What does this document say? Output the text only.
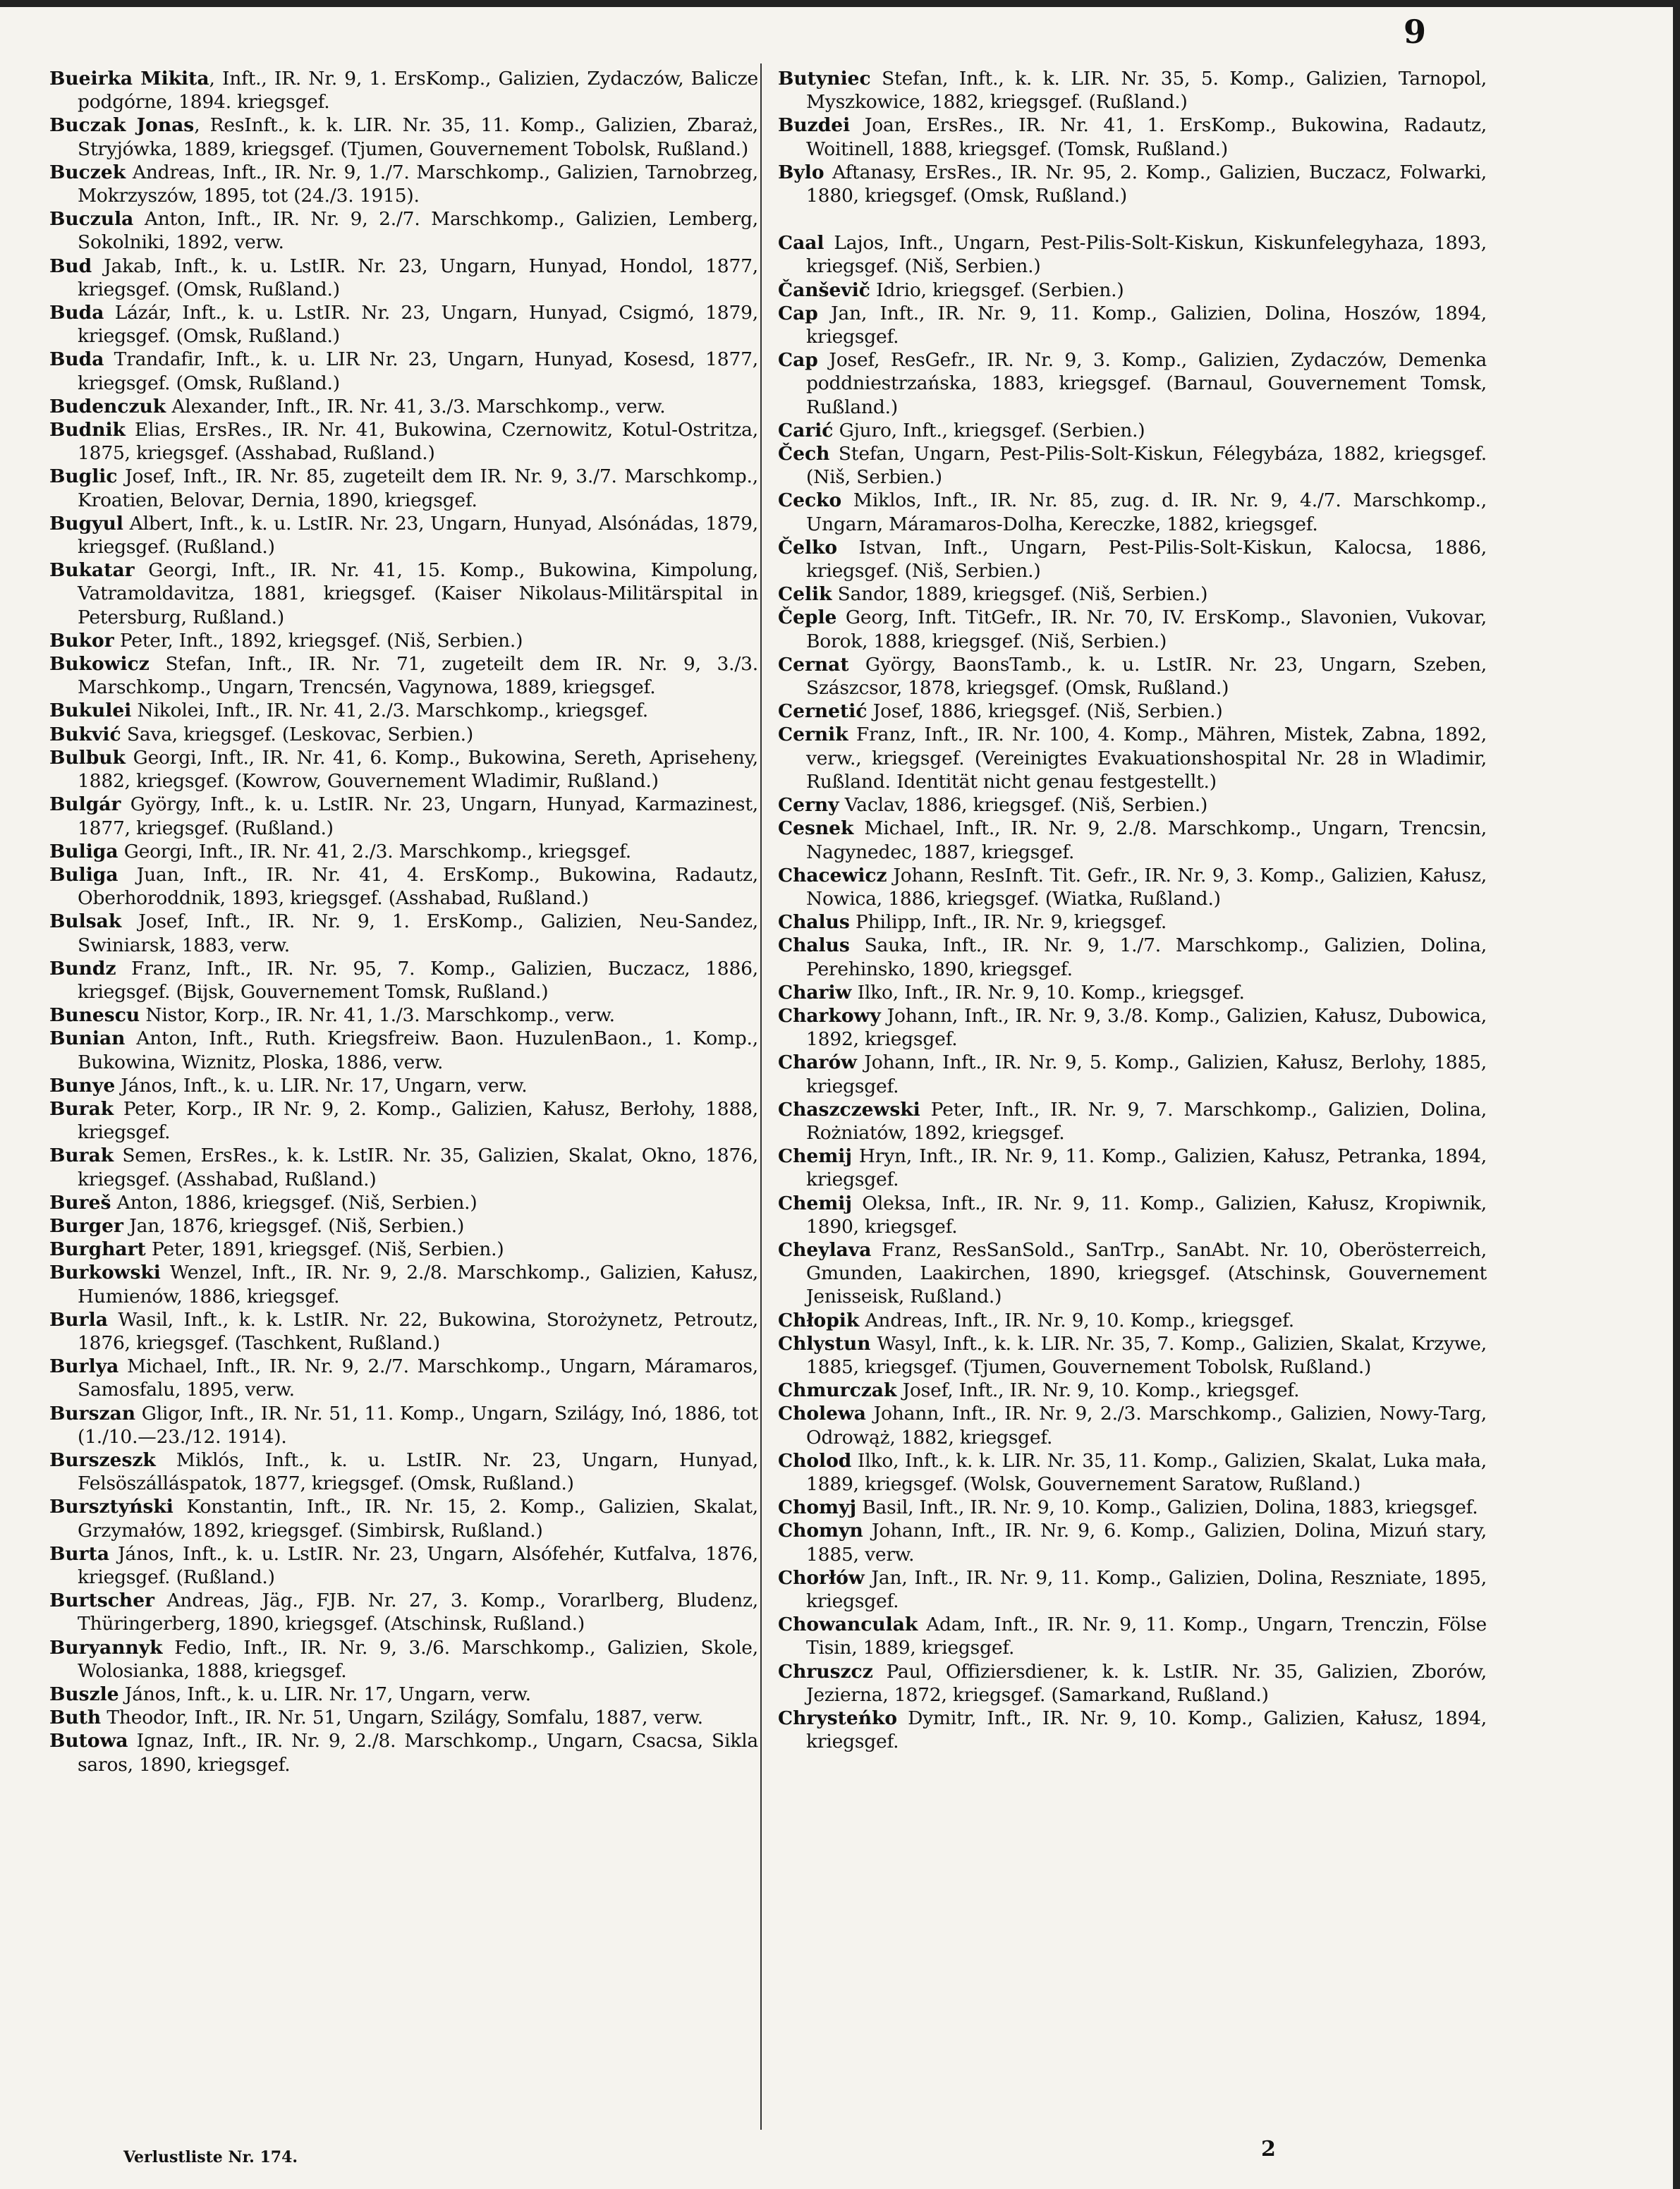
9

Bueirka Mikita, Inft., IR. Nr. 9, 1. ErsKomp., Galizien, Zydaczów, Balicze podgórne, 1894. kriegsgef.

Buczak Jonas, ResInft., k. k. LIR. Nr. 35, 11. Komp., Galizien, Zbaraż, Stryjówka, 1889, kriegsgef. (Tjumen, Gouvernement Tobolsk, Rußland.)

Buczek Andreas, Inft., IR. Nr. 9, 1./7. Marschkomp., Galizien, Tarnobrzeg, Mokrzyszów, 1895, tot (24./3. 1915).

Buczula Anton, Inft., IR. Nr. 9, 2./7. Marschkomp., Galizien, Lemberg, Sokolniki, 1892, verw.

Bud Jakab, Inft., k. u. LstIR. Nr. 23, Ungarn, Hunyad, Hondol, 1877, kriegsgef. (Omsk, Rußland.)

Buda Lázár, Inft., k. u. LstIR. Nr. 23, Ungarn, Hunyad, Csigmó, 1879, kriegsgef. (Omsk, Rußland.)

Buda Trandafir, Inft., k. u. LIR Nr. 23, Ungarn, Hunyad, Kosesd, 1877, kriegsgef. (Omsk, Rußland.)

Budenczuk Alexander, Inft., IR. Nr. 41, 3./3. Marschkomp., verw.

Budnik Elias, ErsRes., IR. Nr. 41, Bukowina, Czernowitz, Kotul-Ostritza, 1875, kriegsgef. (Asshabad, Rußland.)

Buglic Josef, Inft., IR. Nr. 85, zugeteilt dem IR. Nr. 9, 3./7. Marschkomp., Kroatien, Belovar, Dernia, 1890, kriegsgef.

Bugyul Albert, Inft., k. u. LstIR. Nr. 23, Ungarn, Hunyad, Alsónádas, 1879, kriegsgef. (Rußland.)

Bukatar Georgi, Inft., IR. Nr. 41, 15. Komp., Bukowina, Kimpolung, Vatramoldavitza, 1881, kriegsgef. (Kaiser Nikolaus-Militärspital in Petersburg, Rußland.)

Bukor Peter, Inft., 1892, kriegsgef. (Niš, Serbien.)

Bukowicz Stefan, Inft., IR. Nr. 71, zugeteilt dem IR. Nr. 9, 3./3. Marschkomp., Ungarn, Trencsén, Vagynowa, 1889, kriegsgef.

Bukulei Nikolei, Inft., IR. Nr. 41, 2./3. Marschkomp., kriegsgef.

Bukvić Sava, kriegsgef. (Leskovac, Serbien.)

Bulbuk Georgi, Inft., IR. Nr. 41, 6. Komp., Bukowina, Sereth, Apriseheny, 1882, kriegsgef. (Kowrow, Gouvernement Wladimir, Rußland.)

Bulgár György, Inft., k. u. LstIR. Nr. 23, Ungarn, Hunyad, Karmazinest, 1877, kriegsgef. (Rußland.)

Buliga Georgi, Inft., IR. Nr. 41, 2./3. Marschkomp., kriegsgef.

Buliga Juan, Inft., IR. Nr. 41, 4. ErsKomp., Bukowina, Radautz, Oberhoroddnik, 1893, kriegsgef. (Asshabad, Rußland.)

Bulsak Josef, Inft., IR. Nr. 9, 1. ErsKomp., Galizien, Neu-Sandez, Swiniarsk, 1883, verw.

Bundz Franz, Inft., IR. Nr. 95, 7. Komp., Galizien, Buczacz, 1886, kriegsgef. (Bijsk, Gouvernement Tomsk, Rußland.)

Bunescu Nistor, Korp., IR. Nr. 41, 1./3. Marschkomp., verw.

Bunian Anton, Inft., Ruth. Kriegsfreiw. Baon. HuzulenBaon., 1. Komp., Bukowina, Wiznitz, Ploska, 1886, verw.

Bunye János, Inft., k. u. LIR. Nr. 17, Ungarn, verw.

Burak Peter, Korp., IR Nr. 9, 2. Komp., Galizien, Kałusz, Berłohy, 1888, kriegsgef.

Burak Semen, ErsRes., k. k. LstIR. Nr. 35, Galizien, Skalat, Okno, 1876, kriegsgef. (Asshabad, Rußland.)

Bureš Anton, 1886, kriegsgef. (Niš, Serbien.)

Burger Jan, 1876, kriegsgef. (Niš, Serbien.)

Burghart Peter, 1891, kriegsgef. (Niš, Serbien.)

Burkowski Wenzel, Inft., IR. Nr. 9, 2./8. Marschkomp., Galizien, Kałusz, Humienów, 1886, kriegsgef.

Burla Wasil, Inft., k. k. LstIR. Nr. 22, Bukowina, Storożynetz, Petroutz, 1876, kriegsgef. (Taschkent, Rußland.)

Burlya Michael, Inft., IR. Nr. 9, 2./7. Marschkomp., Ungarn, Máramaros, Samosfalu, 1895, verw.

Burszan Gligor, Inft., IR. Nr. 51, 11. Komp., Ungarn, Szilágy, Inó, 1886, tot (1./10.—23./12. 1914).

Burszeszk Miklós, Inft., k. u. LstIR. Nr. 23, Ungarn, Hunyad, Felsöszálláspatok, 1877, kriegsgef. (Omsk, Rußland.)

Bursztyński Konstantin, Inft., IR. Nr. 15, 2. Komp., Galizien, Skalat, Grzymałów, 1892, kriegsgef. (Simbirsk, Rußland.)

Burta János, Inft., k. u. LstIR. Nr. 23, Ungarn, Alsófehér, Kutfalva, 1876, kriegsgef. (Rußland.)

Burtscher Andreas, Jäg., FJB. Nr. 27, 3. Komp., Vorarlberg, Bludenz, Thüringerberg, 1890, kriegsgef. (Atschinsk, Rußland.)

Buryannyk Fedio, Inft., IR. Nr. 9, 3./6. Marschkomp., Galizien, Skole, Wolosianka, 1888, kriegsgef.

Buszle János, Inft., k. u. LIR. Nr. 17, Ungarn, verw.

Buth Theodor, Inft., IR. Nr. 51, Ungarn, Szilágy, Somfalu, 1887, verw.

Butowa Ignaz, Inft., IR. Nr. 9, 2./8. Marschkomp., Ungarn, Csacsa, Sikla saros, 1890, kriegsgef.

Butyniec Stefan, Inft., k. k. LIR. Nr. 35, 5. Komp., Galizien, Tarnopol, Myszkowice, 1882, kriegsgef. (Rußland.)

Buzdei Joan, ErsRes., IR. Nr. 41, 1. ErsKomp., Bukowina, Radautz, Woitinell, 1888, kriegsgef. (Tomsk, Rußland.)

Bylo Aftanasy, ErsRes., IR. Nr. 95, 2. Komp., Galizien, Buczacz, Folwarki, 1880, kriegsgef. (Omsk, Rußland.)

Caal Lajos, Inft., Ungarn, Pest-Pilis-Solt-Kiskun, Kiskunfelegyhaza, 1893, kriegsgef. (Niš, Serbien.)

Čanševič Idrio, kriegsgef. (Serbien.)

Cap Jan, Inft., IR. Nr. 9, 11. Komp., Galizien, Dolina, Hoszów, 1894, kriegsgef.

Cap Josef, ResGefr., IR. Nr. 9, 3. Komp., Galizien, Zydaczów, Demenka poddniestrzańska, 1883, kriegsgef. (Barnaul, Gouvernement Tomsk, Rußland.)

Carić Gjuro, Inft., kriegsgef. (Serbien.)

Čech Stefan, Ungarn, Pest-Pilis-Solt-Kiskun, Félegybáza, 1882, kriegsgef. (Niš, Serbien.)

Cecko Miklos, Inft., IR. Nr. 85, zug. d. IR. Nr. 9, 4./7. Marschkomp., Ungarn, Máramaros-Dolha, Kereczke, 1882, kriegsgef.

Čelko Istvan, Inft., Ungarn, Pest-Pilis-Solt-Kiskun, Kalocsa, 1886, kriegsgef. (Niš, Serbien.)

Celik Sandor, 1889, kriegsgef. (Niš, Serbien.)

Čeple Georg, Inft. TitGefr., IR. Nr. 70, IV. ErsKomp., Slavonien, Vukovar, Borok, 1888, kriegsgef. (Niš, Serbien.)

Cernat György, BaonsTamb., k. u. LstIR. Nr. 23, Ungarn, Szeben, Szászcsor, 1878, kriegsgef. (Omsk, Rußland.)

Cernetić Josef, 1886, kriegsgef. (Niš, Serbien.)

Cernik Franz, Inft., IR. Nr. 100, 4. Komp., Mähren, Mistek, Zabna, 1892, verw., kriegsgef. (Vereinigtes Evakuationshospital Nr. 28 in Wladimir, Rußland. Identität nicht genau festgestellt.)

Cerny Vaclav, 1886, kriegsgef. (Niš, Serbien.)

Cesnek Michael, Inft., IR. Nr. 9, 2./8. Marschkomp., Ungarn, Trencsin, Nagynedec, 1887, kriegsgef.

Chacewicz Johann, ResInft. Tit. Gefr., IR. Nr. 9, 3. Komp., Galizien, Kałusz, Nowica, 1886, kriegsgef. (Wiatka, Rußland.)

Chalus Philipp, Inft., IR. Nr. 9, kriegsgef.

Chalus Sauka, Inft., IR. Nr. 9, 1./7. Marschkomp., Galizien, Dolina, Perehinsko, 1890, kriegsgef.

Chariw Ilko, Inft., IR. Nr. 9, 10. Komp., kriegsgef.

Charkowy Johann, Inft., IR. Nr. 9, 3./8. Komp., Galizien, Kałusz, Dubowica, 1892, kriegsgef.

Charów Johann, Inft., IR. Nr. 9, 5. Komp., Galizien, Kałusz, Berlohy, 1885, kriegsgef.

Chaszczewski Peter, Inft., IR. Nr. 9, 7. Marschkomp., Galizien, Dolina, Rożniatów, 1892, kriegsgef.

Chemij Hryn, Inft., IR. Nr. 9, 11. Komp., Galizien, Kałusz, Petranka, 1894, kriegsgef.

Chemij Oleksa, Inft., IR. Nr. 9, 11. Komp., Galizien, Kałusz, Kropiwnik, 1890, kriegsgef.

Cheylava Franz, ResSanSold., SanTrp., SanAbt. Nr. 10, Oberösterreich, Gmunden, Laakirchen, 1890, kriegsgef. (Atschinsk, Gouvernement Jenisseisk, Rußland.)

Chłopik Andreas, Inft., IR. Nr. 9, 10. Komp., kriegsgef.

Chlystun Wasyl, Inft., k. k. LIR. Nr. 35, 7. Komp., Galizien, Skalat, Krzywe, 1885, kriegsgef. (Tjumen, Gouvernement Tobolsk, Rußland.)

Chmurczak Josef, Inft., IR. Nr. 9, 10. Komp., kriegsgef.

Cholewa Johann, Inft., IR. Nr. 9, 2./3. Marschkomp., Galizien, Nowy-Targ, Odrowąż, 1882, kriegsgef.

Cholod Ilko, Inft., k. k. LIR. Nr. 35, 11. Komp., Galizien, Skalat, Luka mała, 1889, kriegsgef. (Wolsk, Gouvernement Saratow, Rußland.)

Chomyj Basil, Inft., IR. Nr. 9, 10. Komp., Galizien, Dolina, 1883, kriegsgef.

Chomyn Johann, Inft., IR. Nr. 9, 6. Komp., Galizien, Dolina, Mizuń stary, 1885, verw.

Chorłów Jan, Inft., IR. Nr. 9, 11. Komp., Galizien, Dolina, Reszniate, 1895, kriegsgef.

Chowanculak Adam, Inft., IR. Nr. 9, 11. Komp., Ungarn, Trenczin, Fölse Tisin, 1889, kriegsgef.

Chruszcz Paul, Offiziersdiener, k. k. LstIR. Nr. 35, Galizien, Zborów, Jezierna, 1872, kriegsgef. (Samarkand, Rußland.)

Chrysteńko Dymitr, Inft., IR. Nr. 9, 10. Komp., Galizien, Kałusz, 1894, kriegsgef.

Verlustliste Nr. 174.	2
